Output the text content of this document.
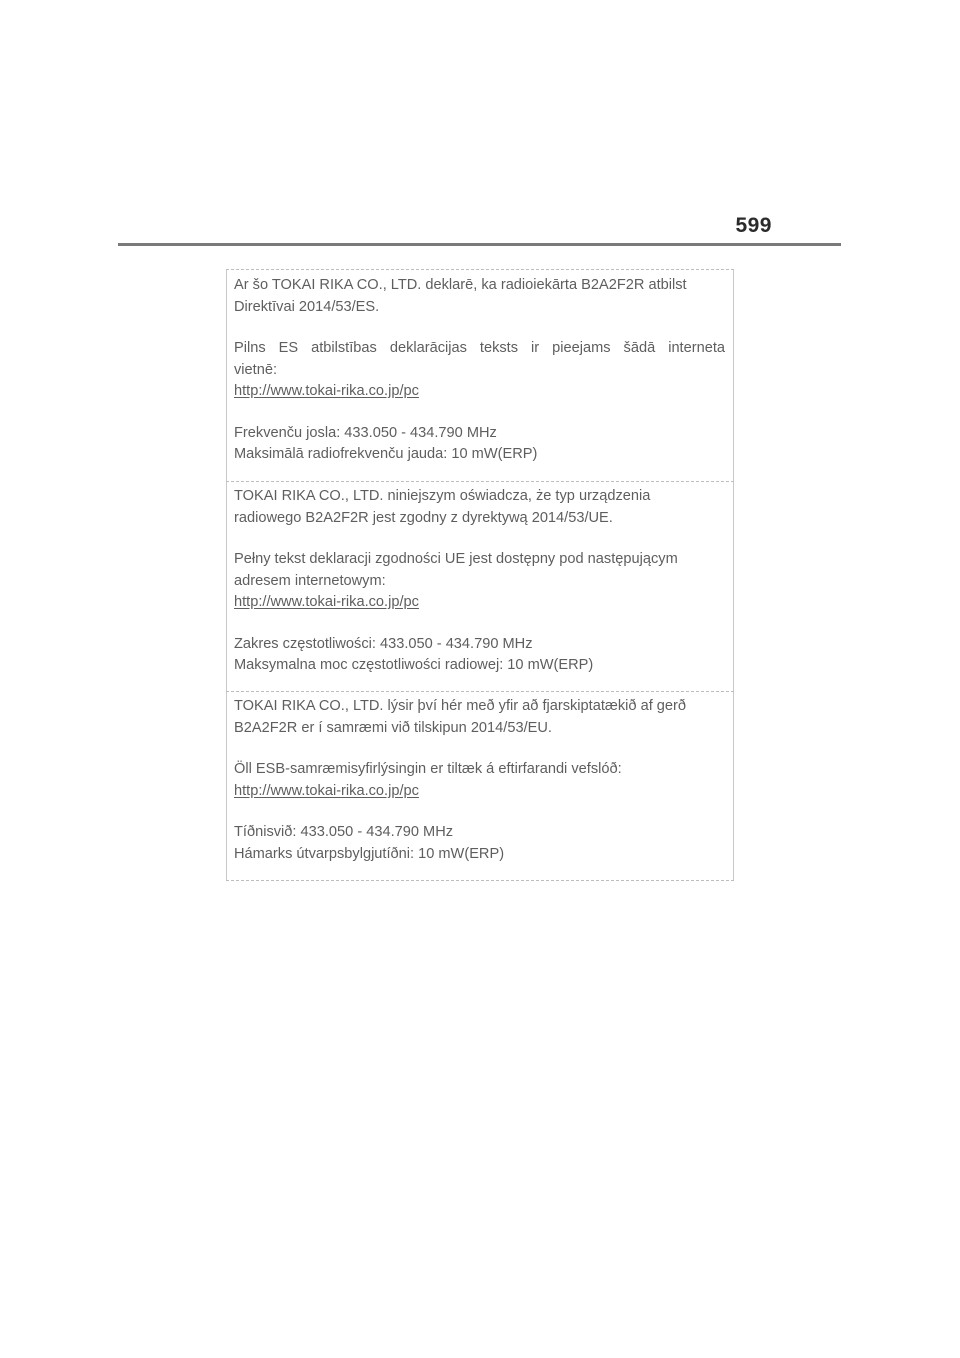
599
Ar šo TOKAI RIKA CO., LTD. deklarē, ka radioiekārta B2A2F2R atbilst
Direktīvai 2014/53/ES.
Pilns ES atbilstības deklarācijas teksts ir pieejams šādā interneta
vietnē:
http://www.tokai-rika.co.jp/pc
Frekvenču josla: 433.050 - 434.790 MHz
Maksimālā radiofrekvenču jauda: 10 mW(ERP)
TOKAI RIKA CO., LTD. niniejszym oświadcza, że typ urządzenia
radiowego B2A2F2R jest zgodny z dyrektywą 2014/53/UE.
Pełny tekst deklaracji zgodności UE jest dostępny pod następującym
adresem internetowym:
http://www.tokai-rika.co.jp/pc
Zakres częstotliwości: 433.050 - 434.790 MHz
Maksymalna moc częstotliwości radiowej: 10 mW(ERP)
TOKAI RIKA CO., LTD. lýsir því hér með yfir að fjarskiptatækið af gerð
B2A2F2R er í samræmi við tilskipun 2014/53/EU.
Öll ESB-samræmisyfirlýsingin er tiltæk á eftirfarandi vefslóð:
http://www.tokai-rika.co.jp/pc
Tíðnisvið: 433.050 - 434.790 MHz
Hámarks útvarpsbylgjutíðni: 10 mW(ERP)
